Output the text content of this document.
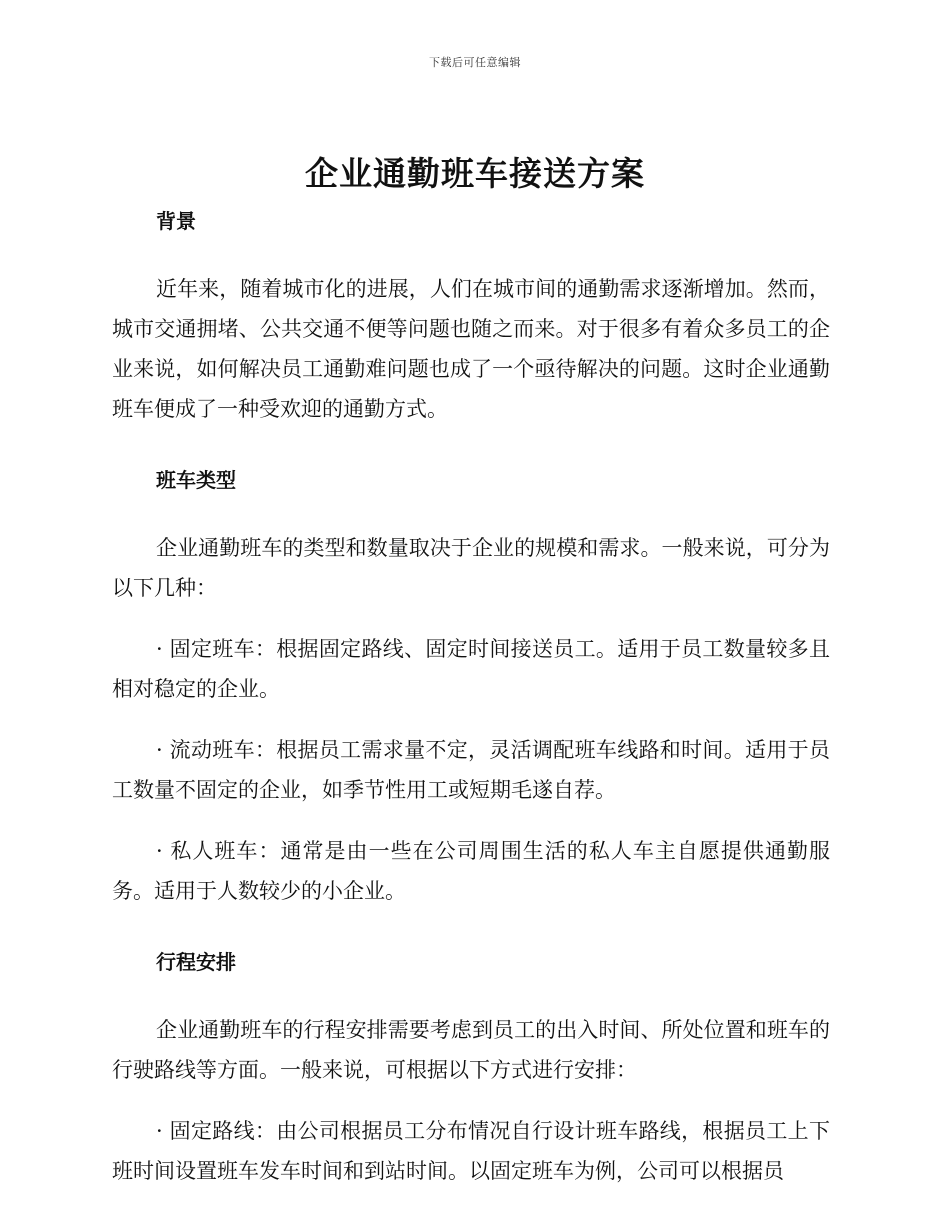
下载后可任意编辑
企业通勤班车接送方案
背景

近年来，随着城市化的进展，人们在城市间的通勤需求逐渐增加。然而，城市交通拥堵、公共交通不便等问题也随之而来。对于很多有着众多员工的企业来说，如何解决员工通勤难问题也成了一个亟待解决的问题。这时企业通勤班车便成了一种受欢迎的通勤方式。

班车类型

企业通勤班车的类型和数量取决于企业的规模和需求。一般来说，可分为以下几种：

· 固定班车：根据固定路线、固定时间接送员工。适用于员工数量较多且相对稳定的企业。

· 流动班车：根据员工需求量不定，灵活调配班车线路和时间。适用于员工数量不固定的企业，如季节性用工或短期毛遂自荐。

· 私人班车：通常是由一些在公司周围生活的私人车主自愿提供通勤服务。适用于人数较少的小企业。

行程安排

企业通勤班车的行程安排需要考虑到员工的出入时间、所处位置和班车的行驶路线等方面。一般来说，可根据以下方式进行安排：

· 固定路线：由公司根据员工分布情况自行设计班车路线，根据员工上下班时间设置班车发车时间和到站时间。以固定班车为例，公司可以根据员
